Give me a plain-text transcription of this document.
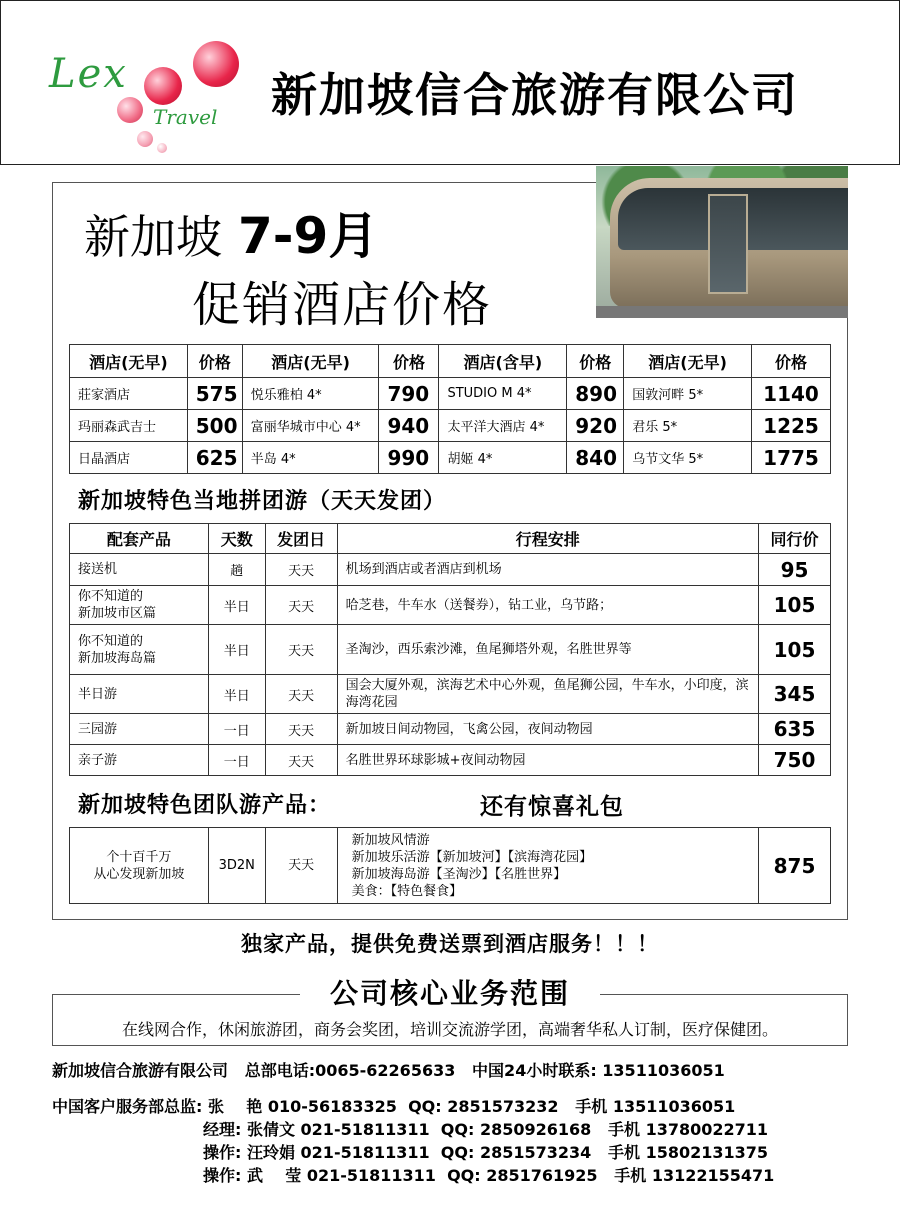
Lex
Travel 新加坡信合旅游有限公司
新加坡 7-9月
促销酒店价格
酒店(无早)	价格	酒店(无早)	价格	酒店(含早)	价格	酒店(无早)	价格
莊家酒店	575	悦乐雅柏 4*	790	STUDIO M 4*	890	国敦河畔 5*	1140
玛丽森武吉士	500	富丽华城市中心 4*	940	太平洋大酒店 4*	920	君乐 5*	1225
日晶酒店	625	半岛 4*	990	胡姬 4*	840	乌节文华 5*	1775
新加坡特色当地拼团游（天天发团）
配套产品	天数	发团日	行程安排	同行价
接送机	趟	天天	机场到酒店或者酒店到机场	95
你不知道的
新加坡市区篇	半日	天天	哈芝巷，牛车水（送餐券），钻工业，乌节路；	105
你不知道的
新加坡海岛篇	半日	天天	圣淘沙，西乐索沙滩，鱼尾狮塔外观，名胜世界等	105
半日游	半日	天天	国会大厦外观，滨海艺术中心外观，鱼尾狮公园，牛车水，小印度，滨海湾花园	345
三园游	一日	天天	新加坡日间动物园，飞禽公园，夜间动物园	635
亲子游	一日	天天	名胜世界环球影城+夜间动物园	750
新加坡特色团队游产品：	还有惊喜礼包
个十百千万
从心发现新加坡	3D2N	天天	新加坡风情游
新加坡乐活游【新加坡河】【滨海湾花园】
新加坡海岛游【圣淘沙】【名胜世界】
美食：【特色餐食】	875
独家产品，提供免费送票到酒店服务！！！
公司核心业务范围
在线网合作，休闲旅游团，商务会奖团，培训交流游学团，高端奢华私人订制，医疗保健团。
新加坡信合旅游有限公司   总部电话:0065-62265633   中国24小时联系: 13511036051
中国客户服务部总监: 张    艳 010-56183325  QQ: 2851573232   手机 13511036051
经理: 张倩文 021-51811311  QQ: 2850926168   手机 13780022711
操作: 汪玲娟 021-51811311  QQ: 2851573234   手机 15802131375
操作: 武    莹 021-51811311  QQ: 2851761925   手机 13122155471
